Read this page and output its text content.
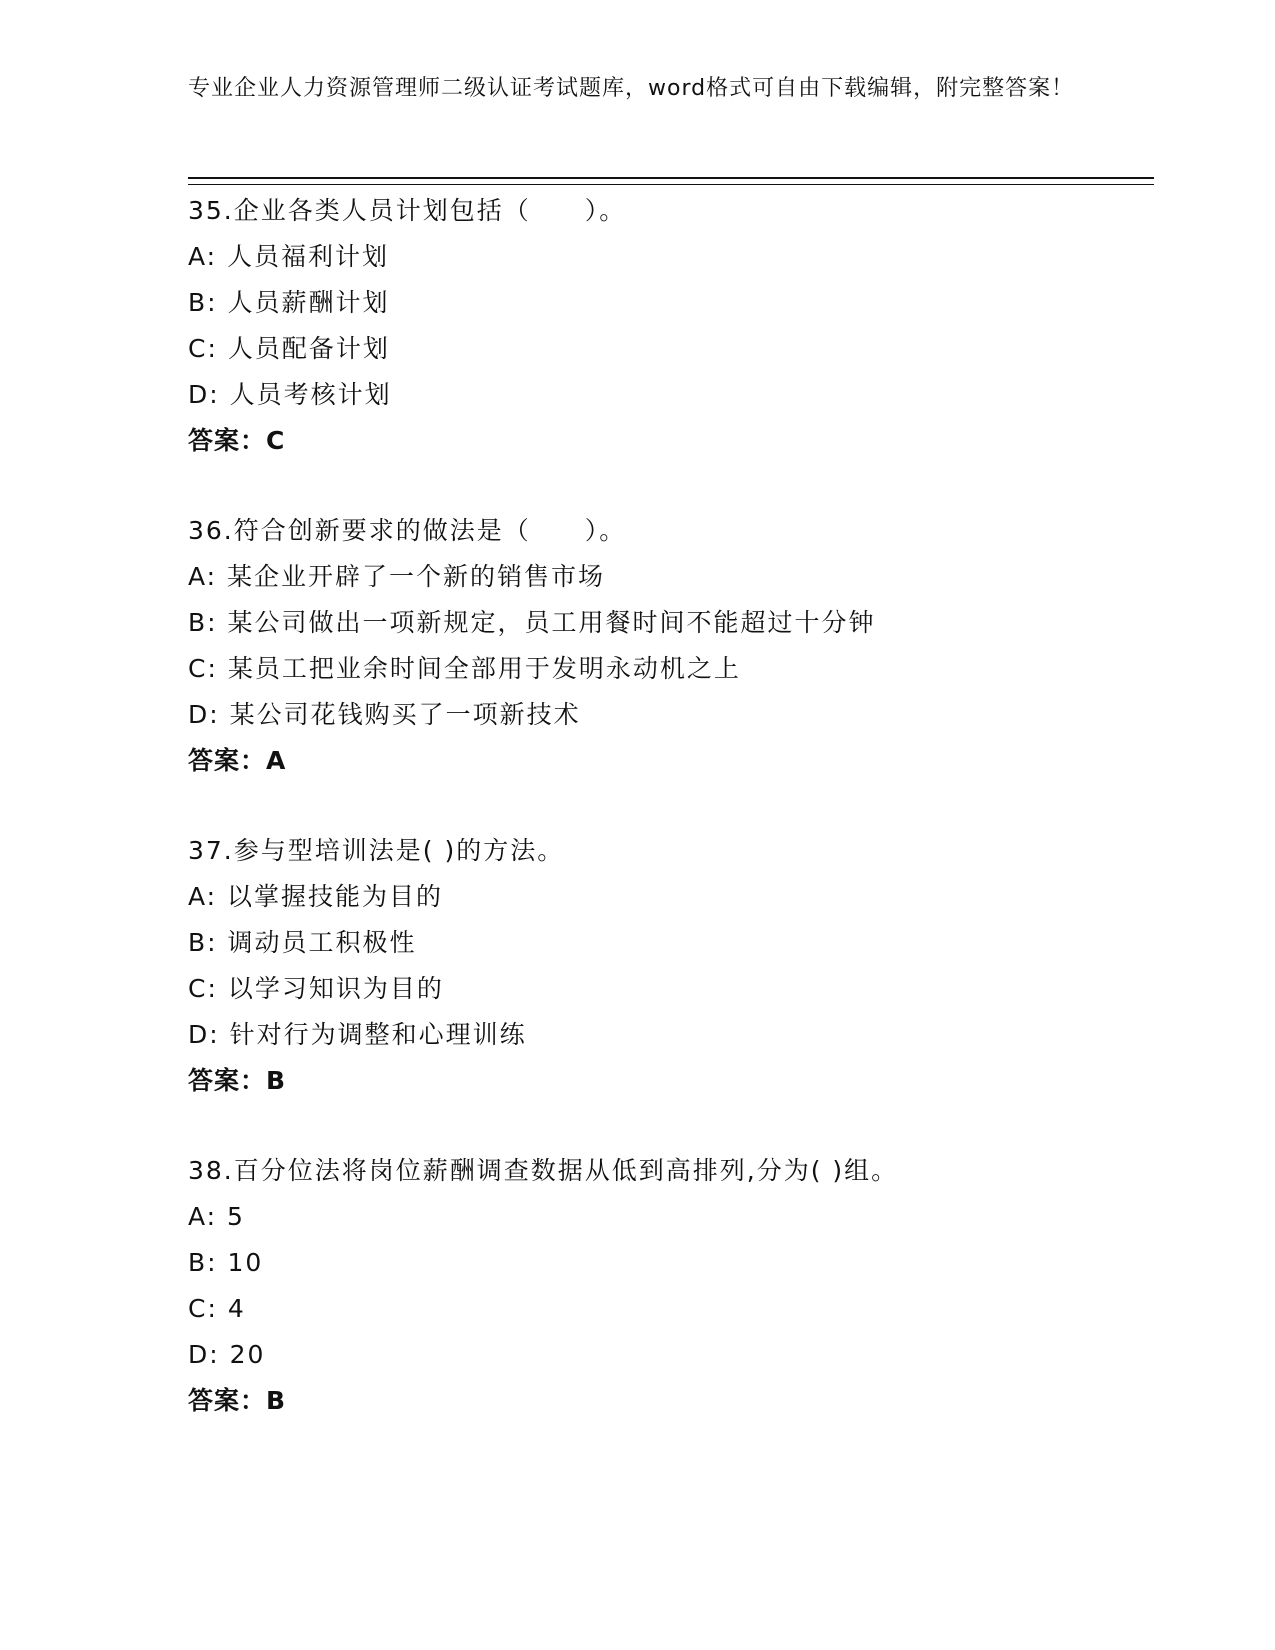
专业企业人力资源管理师二级认证考试题库，word格式可自由下载编辑，附完整答案！
35.企业各类人员计划包括（　　）。
A: 人员福利计划
B: 人员薪酬计划
C: 人员配备计划
D: 人员考核计划
答案：C
36.符合创新要求的做法是（　　）。
A: 某企业开辟了一个新的销售市场
B: 某公司做出一项新规定，员工用餐时间不能超过十分钟
C: 某员工把业余时间全部用于发明永动机之上
D: 某公司花钱购买了一项新技术
答案：A
37.参与型培训法是( )的方法。
A: 以掌握技能为目的
B: 调动员工积极性
C: 以学习知识为目的
D: 针对行为调整和心理训练
答案：B
38.百分位法将岗位薪酬调查数据从低到高排列,分为( )组。
A: 5
B: 10
C: 4
D: 20
答案：B
